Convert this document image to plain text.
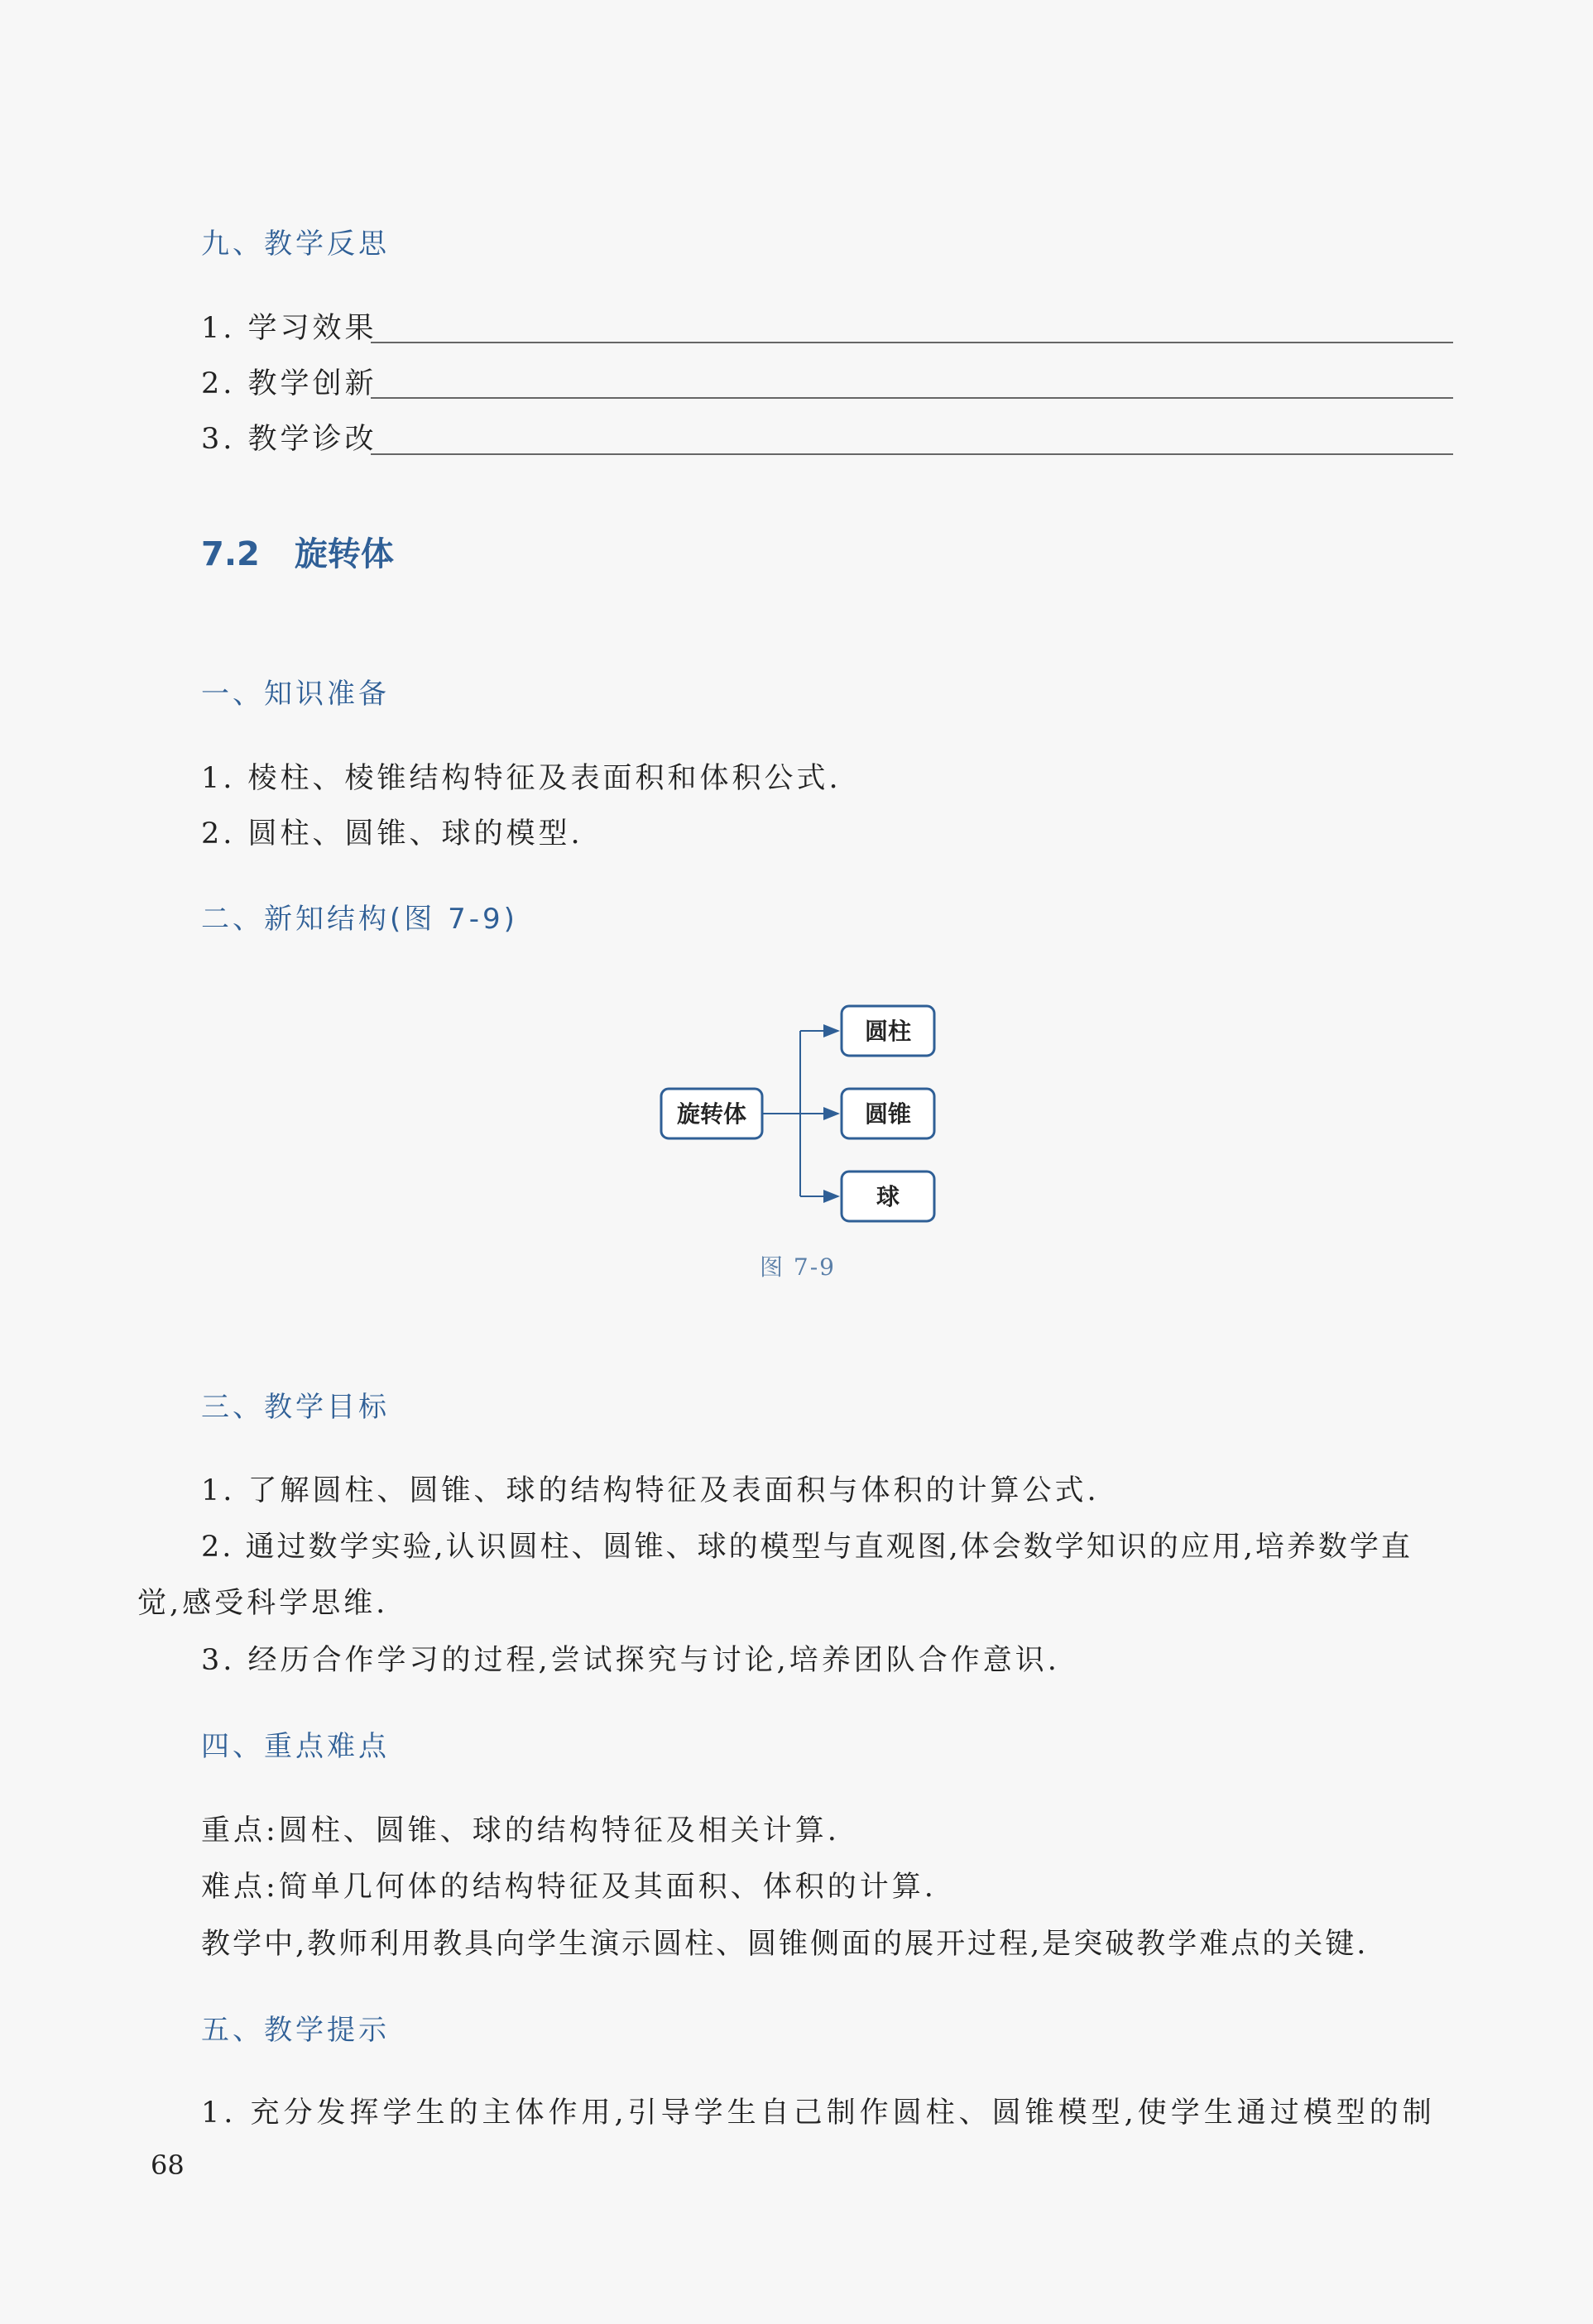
九、教学反思
1. 学习效果
2. 教学创新
3. 教学诊改
7.2 旋转体
一、知识准备
1. 棱柱、棱锥结构特征及表面积和体积公式.
2. 圆柱、圆锥、球的模型.
二、新知结构(图 7-9)
旋转体
圆柱
圆锥
球
图 7-9
三、教学目标
1. 了解圆柱、圆锥、球的结构特征及表面积与体积的计算公式.
2. 通过数学实验,认识圆柱、圆锥、球的模型与直观图,体会数学知识的应用,培养数学直
觉,感受科学思维.
3. 经历合作学习的过程,尝试探究与讨论,培养团队合作意识.
四、重点难点
重点:圆柱、圆锥、球的结构特征及相关计算.
难点:简单几何体的结构特征及其面积、体积的计算.
教学中,教师利用教具向学生演示圆柱、圆锥侧面的展开过程,是突破教学难点的关键.
五、教学提示
1. 充分发挥学生的主体作用,引导学生自己制作圆柱、圆锥模型,使学生通过模型的制
68
